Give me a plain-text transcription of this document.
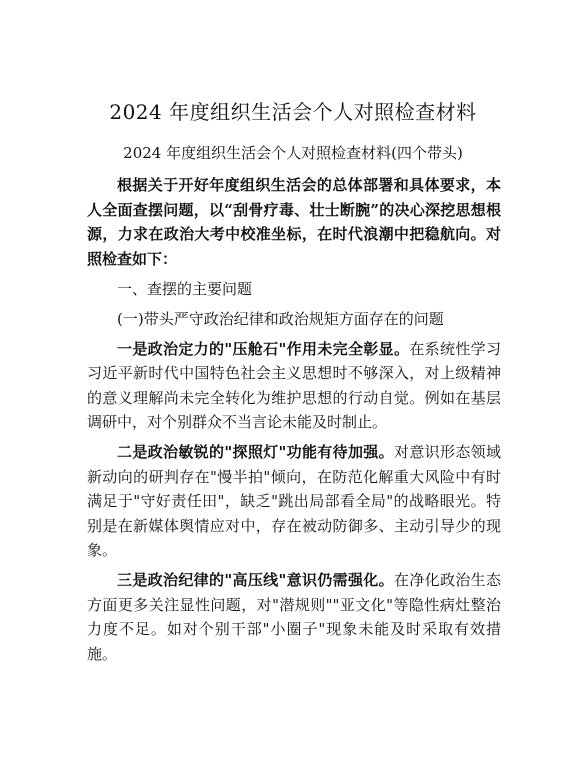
2024 年度组织生活会个人对照检查材料

2024 年度组织生活会个人对照检查材料(四个带头)

根据关于开好年度组织生活会的总体部署和具体要求，本人全面查摆问题，以“刮骨疗毒、壮士断腕”的决心深挖思想根源，力求在政治大考中校准坐标，在时代浪潮中把稳航向。对照检查如下：

一、查摆的主要问题

(一)带头严守政治纪律和政治规矩方面存在的问题

一是政治定力的"压舱石"作用未完全彰显。在系统性学习习近平新时代中国特色社会主义思想时不够深入，对上级精神的意义理解尚未完全转化为维护思想的行动自觉。例如在基层调研中，对个别群众不当言论未能及时制止。

二是政治敏锐的"探照灯"功能有待加强。对意识形态领域新动向的研判存在"慢半拍"倾向，在防范化解重大风险中有时满足于"守好责任田"，缺乏"跳出局部看全局"的战略眼光。特别是在新媒体舆情应对中，存在被动防御多、主动引导少的现象。

三是政治纪律的"高压线"意识仍需强化。在净化政治生态方面更多关注显性问题，对"潜规则""亚文化"等隐性病灶整治力度不足。如对个别干部"小圈子"现象未能及时采取有效措施。
